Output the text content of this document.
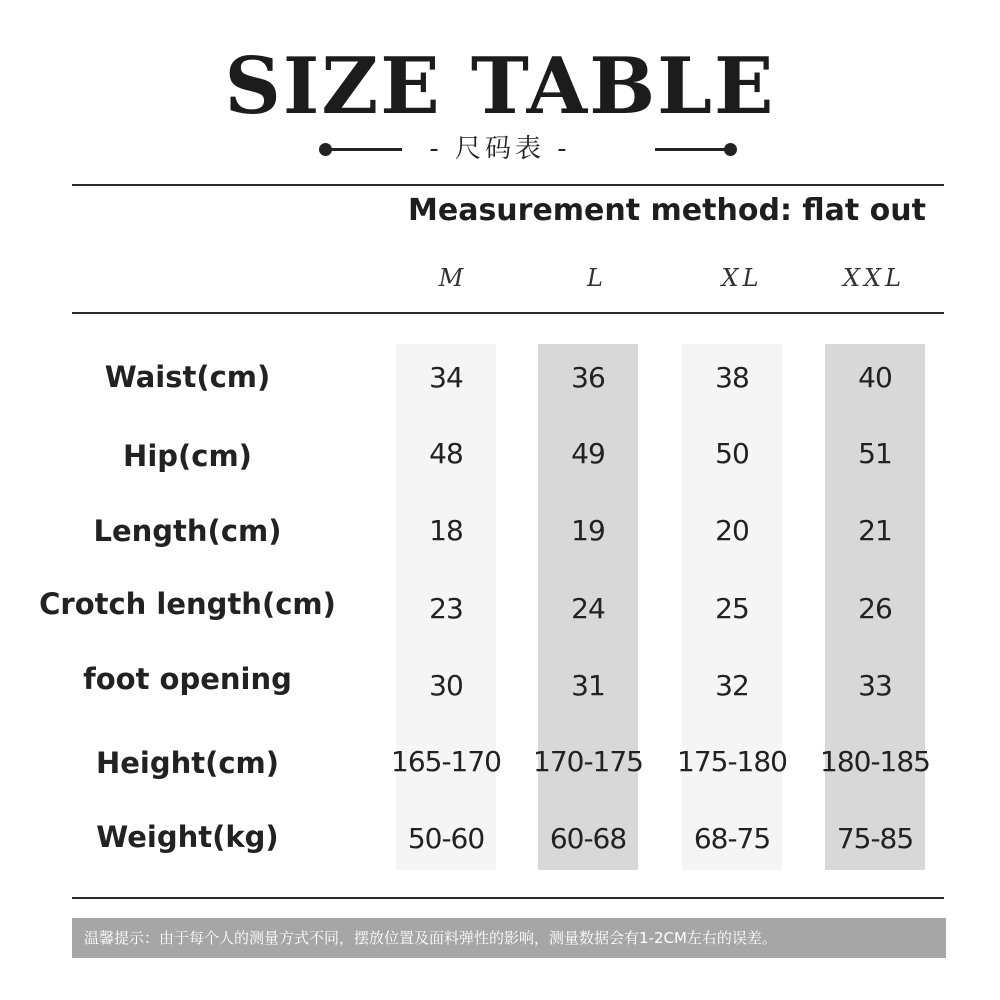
SIZE TABLE
- 尺码表 -
Measurement method: flat out
M	L	XL	XXL
Waist(cm)	34	36	38	40
Hip(cm)	48	49	50	51
Length(cm)	18	19	20	21
Crotch length(cm)	23	24	25	26
foot opening	30	31	32	33
Height(cm)	165-170 170-175 175-180 180-185
Weight(kg)	50-60	60-68	68-75	75-85
温馨提示：由于每个人的测量方式不同，摆放位置及面料弹性的影响，测量数据会有1-2CM左右的误差。
